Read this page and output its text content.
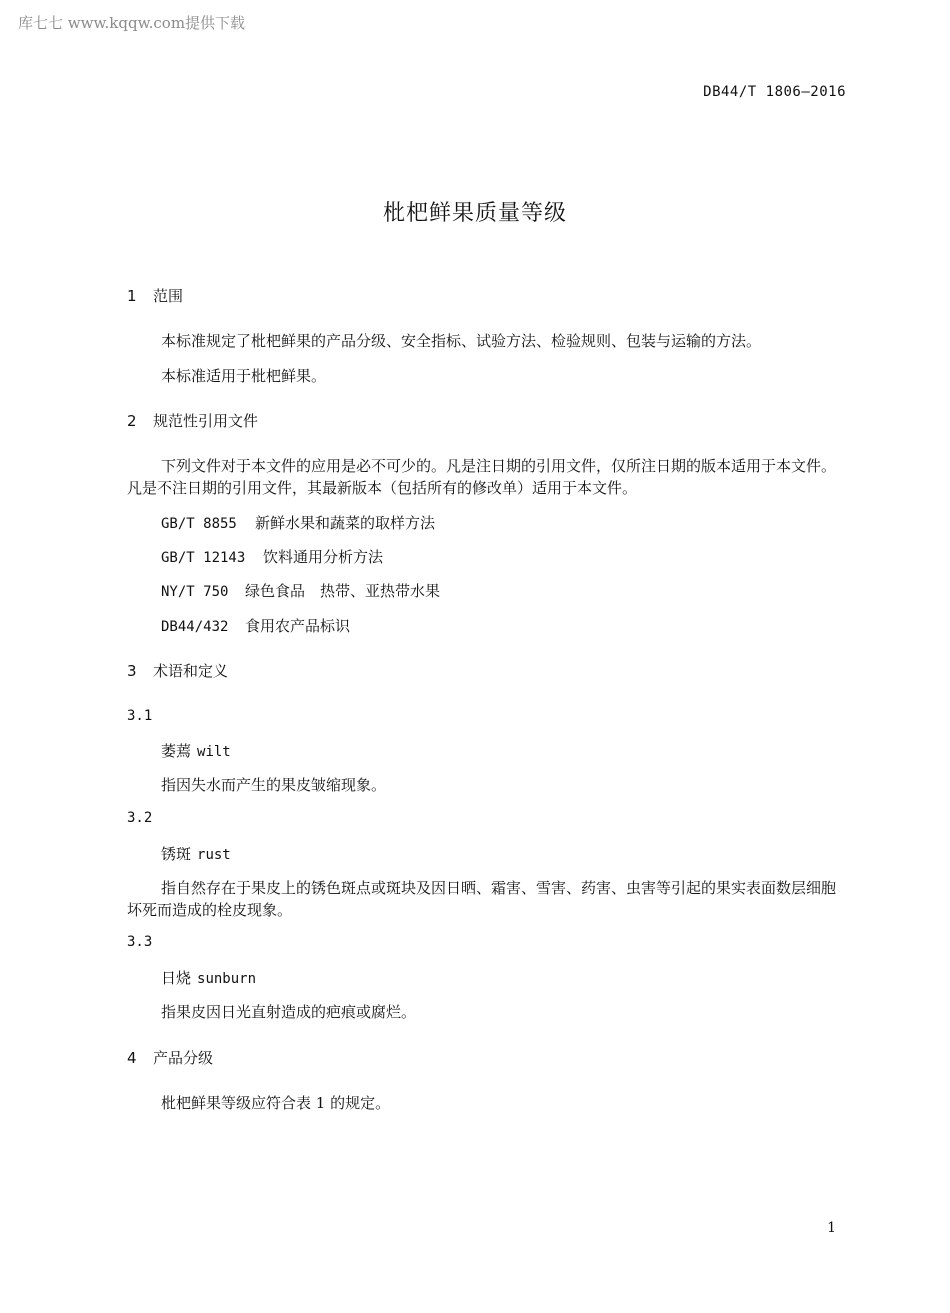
库七七 www.kqqw.com提供下载
DB44/T 1806—2016
枇杷鲜果质量等级
1 范围
本标准规定了枇杷鲜果的产品分级、安全指标、试验方法、检验规则、包装与运输的方法。
本标准适用于枇杷鲜果。
2 规范性引用文件
下列文件对于本文件的应用是必不可少的。凡是注日期的引用文件，仅所注日期的版本适用于本文件。凡是不注日期的引用文件，其最新版本（包括所有的修改单）适用于本文件。
GB/T 8855 新鲜水果和蔬菜的取样方法
GB/T 12143 饮料通用分析方法
NY/T 750 绿色食品　热带、亚热带水果
DB44/432 食用农产品标识
3 术语和定义
3.1
萎蔫 wilt
指因失水而产生的果皮皱缩现象。
3.2
锈斑 rust
指自然存在于果皮上的锈色斑点或斑块及因日晒、霜害、雪害、药害、虫害等引起的果实表面数层细胞坏死而造成的栓皮现象。
3.3
日烧 sunburn
指果皮因日光直射造成的疤痕或腐烂。
4 产品分级
枇杷鲜果等级应符合表 1 的规定。
1
